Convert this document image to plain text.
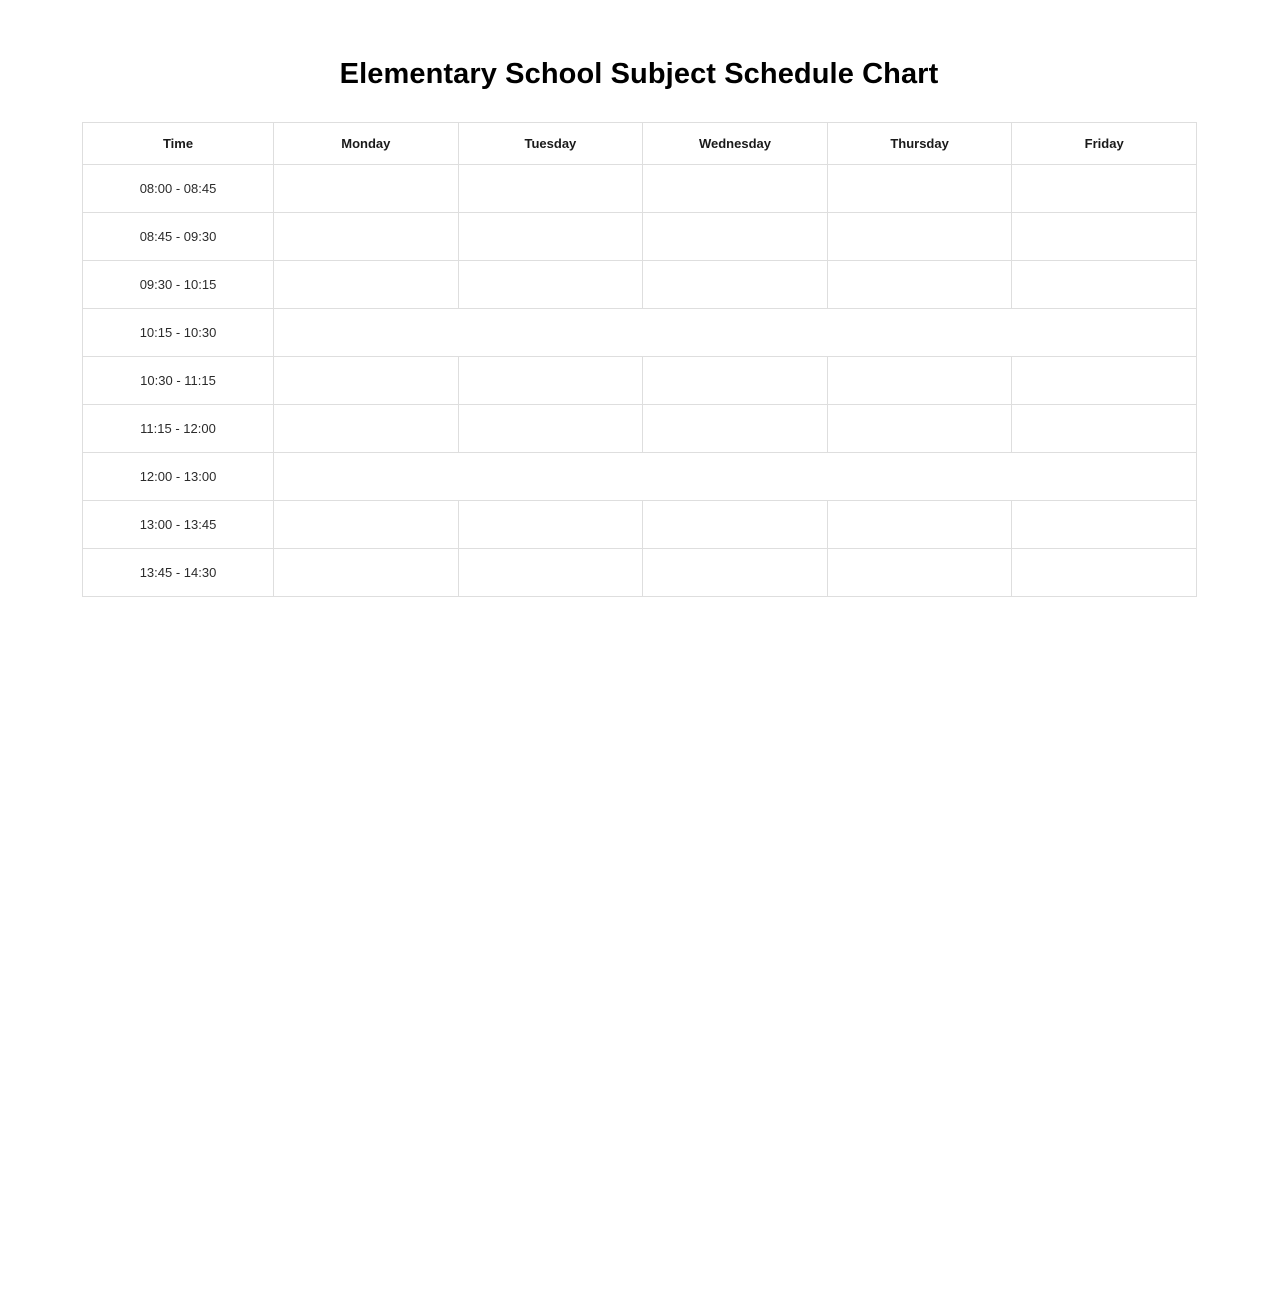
Elementary School Subject Schedule Chart
Time	Monday	Tuesday	Wednesday	Thursday	Friday
08:00 - 08:45					
08:45 - 09:30					
09:30 - 10:15					
10:15 - 10:30					
10:30 - 11:15					
11:15 - 12:00					
12:00 - 13:00					
13:00 - 13:45					
13:45 - 14:30					
